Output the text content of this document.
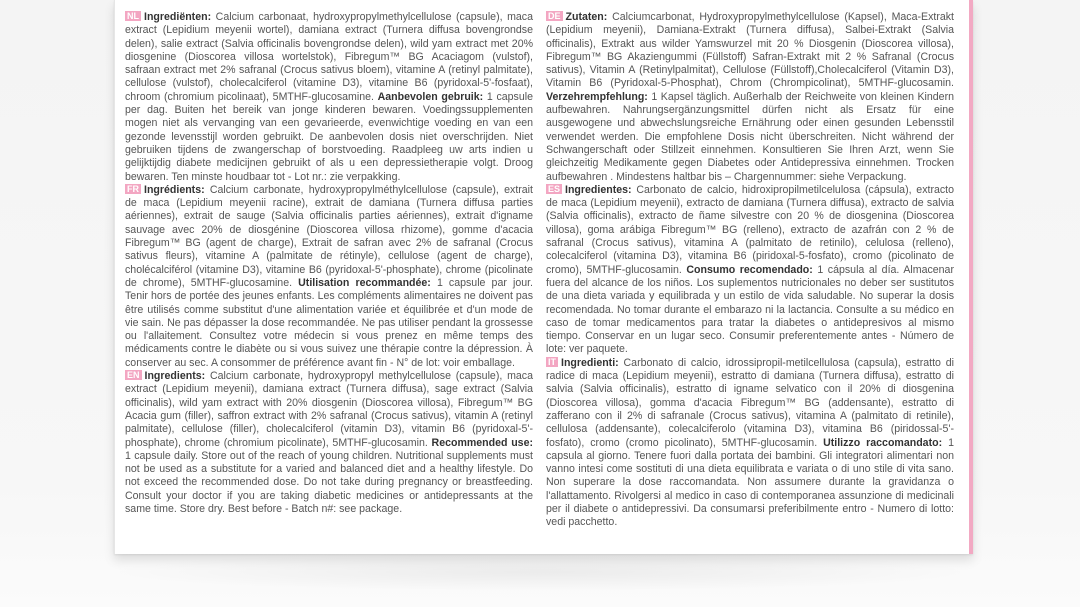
NL Ingrediënten: Calcium carbonaat, hydroxypropylmethylcellulose (capsule), maca extract (Lepidium meyenii wortel), damiana extract (Turnera diffusa bovengrondse delen), salie extract (Salvia officinalis bovengrondse delen), wild yam extract met 20% diosgenine (Dioscorea villosa wortelstok), Fibregum™ BG Acaciagom (vulstof), safraan extract met 2% safranal (Crocus sativus bloem), vitamine A (retinyl palmitate), cellulose (vulstof), cholecalciferol (vitamine D3), vitamine B6 (pyridoxal-5'-fosfaat), chroom (chromium picolinaat), 5MTHF-glucosamine. Aanbevolen gebruik: 1 capsule per dag. Buiten het bereik van jonge kinderen bewaren. Voedingssupplementen mogen niet als vervanging van een gevarieerde, evenwichtige voeding en van een gezonde levensstijl worden gebruikt. De aanbevolen dosis niet overschrijden. Niet gebruiken tijdens de zwangerschap of borstvoeding. Raadpleeg uw arts indien u gelijktijdig diabete medicijnen gebruikt of als u een depressietherapie volgt. Droog bewaren. Ten minste houdbaar tot - Lot nr.: zie verpakking.

FR Ingrédients: Calcium carbonate, hydroxypropylméthylcellulose (capsule), extrait de maca (Lepidium meyenii racine), extrait de damiana (Turnera diffusa parties aériennes), extrait de sauge (Salvia officinalis parties aériennes), extrait d'igname sauvage avec 20% de diosgénine (Dioscorea villosa rhizome), gomme d'acacia Fibregum™ BG (agent de charge), Extrait de safran avec 2% de safranal (Crocus sativus fleurs), vitamine A (palmitate de rétinyle), cellulose (agent de charge), cholécalciférol (vitamine D3), vitamine B6 (pyridoxal-5'-phosphate), chrome (picolinate de chrome), 5MTHF-glucosamine. Utilisation recommandée: 1 capsule par jour. Tenir hors de portée des jeunes enfants. Les compléments alimentaires ne doivent pas être utilisés comme substitut d'une alimentation variée et équilibrée et d'un mode de vie sain. Ne pas dépasser la dose recommandée. Ne pas utiliser pendant la grossesse ou l'allaitement. Consultez votre médecin si vous prenez en même temps des médicaments contre le diabète ou si vous suivez une thérapie contre la dépression. À conserver au sec. A consommer de préférence avant fin - N° de lot: voir emballage.

EN Ingredients: Calcium carbonate, hydroxypropyl methylcellulose (capsule), maca extract (Lepidium meyenii), damiana extract (Turnera diffusa), sage extract (Salvia officinalis), wild yam extract with 20% diosgenin (Dioscorea villosa), Fibregum™ BG Acacia gum (filler), saffron extract with 2% safranal (Crocus sativus), vitamin A (retinyl palmitate), cellulose (filler), cholecalciferol (vitamin D3), vitamin B6 (pyridoxal-5'-phosphate), chrome (chromium picolinate), 5MTHF-glucosamin. Recommended use: 1 capsule daily. Store out of the reach of young children. Nutritional supplements must not be used as a substitute for a varied and balanced diet and a healthy lifestyle. Do not exceed the recommended dose. Do not take during pregnancy or breastfeeding. Consult your doctor if you are taking diabetic medicines or antidepressants at the same time. Store dry. Best before - Batch n#: see package.

DE Zutaten: Calciumcarbonat, Hydroxypropylmethylcellulose (Kapsel), Maca-Extrakt (Lepidium meyenii), Damiana-Extrakt (Turnera diffusa), Salbei-Extrakt (Salvia officinalis), Extrakt aus wilder Yamswurzel mit 20 % Diosgenin (Dioscorea villosa), Fibregum™ BG Akaziengummi (Füllstoff) Safran-Extrakt mit 2 % Safranal (Crocus sativus), Vitamin A (Retinylpalmitat), Cellulose (Füllstoff),Cholecalciferol (Vitamin D3), Vitamin B6 (Pyridoxal-5-Phosphat), Chrom (Chrompicolinat), 5MTHF-glucosamin. Verzehrempfehlung: 1 Kapsel täglich. Außerhalb der Reichweite von kleinen Kindern aufbewahren. Nahrungsergänzungsmittel dürfen nicht als Ersatz für eine ausgewogene und abwechslungsreiche Ernährung oder einen gesunden Lebensstil verwendet werden. Die empfohlene Dosis nicht überschreiten. Nicht während der Schwangerschaft oder Stillzeit einnehmen. Konsultieren Sie Ihren Arzt, wenn Sie gleichzeitig Medikamente gegen Diabetes oder Antidepressiva einnehmen. Trocken aufbewahren . Mindestens haltbar bis – Chargennummer: siehe Verpackung.

ES Ingredientes: Carbonato de calcio, hidroxipropilmetilcelulosa (cápsula), extracto de maca (Lepidium meyenii), extracto de damiana (Turnera diffusa), extracto de salvia (Salvia officinalis), extracto de ñame silvestre con 20 % de diosgenina (Dioscorea villosa), goma arábiga Fibregum™ BG (relleno), extracto de azafrán con 2 % de safranal (Crocus sativus), vitamina A (palmitato de retinilo), celulosa (relleno), colecalciferol (vitamina D3), vitamina B6 (piridoxal-5-fosfato), cromo (picolinato de cromo), 5MTHF-glucosamin. Consumo recomendado: 1 cápsula al día. Almacenar fuera del alcance de los niños. Los suplementos nutricionales no deber ser sustitutos de una dieta variada y equilibrada y un estilo de vida saludable. No superar la dosis recomendada. No tomar durante el embarazo ni la lactancia. Consulte a su médico en caso de tomar medicamentos para tratar la diabetes o antidepresivos al mismo tiempo. Conservar en un lugar seco. Consumir preferentemente antes - Número de lote: ver paquete.

IT Ingredienti: Carbonato di calcio, idrossipropil-metilcellulosa (capsula), estratto di radice di maca (Lepidium meyenii), estratto di damiana (Turnera diffusa), estratto di salvia (Salvia officinalis), estratto di igname selvatico con il 20% di diosgenina (Dioscorea villosa), gomma d'acacia Fibregum™ BG (addensante), estratto di zafferano con il 2% di safranale (Crocus sativus), vitamina A (palmitato di retinile), cellulosa (addensante), colecalciferolo (vitamina D3), vitamina B6 (piridossal-5'-fosfato), cromo (cromo picolinato), 5MTHF-glucosamin. Utilizzo raccomandato: 1 capsula al giorno. Tenere fuori dalla portata dei bambini. Gli integratori alimentari non vanno intesi come sostituti di una dieta equilibrata e variata o di uno stile di vita sano. Non superare la dose raccomandata. Non assumere durante la gravidanza o l'allattamento. Rivolgersi al medico in caso di contemporanea assunzione di medicinali per il diabete o antidepressivi. Da consumarsi preferibilmente entro - Numero di lotto: vedi pacchetto.
